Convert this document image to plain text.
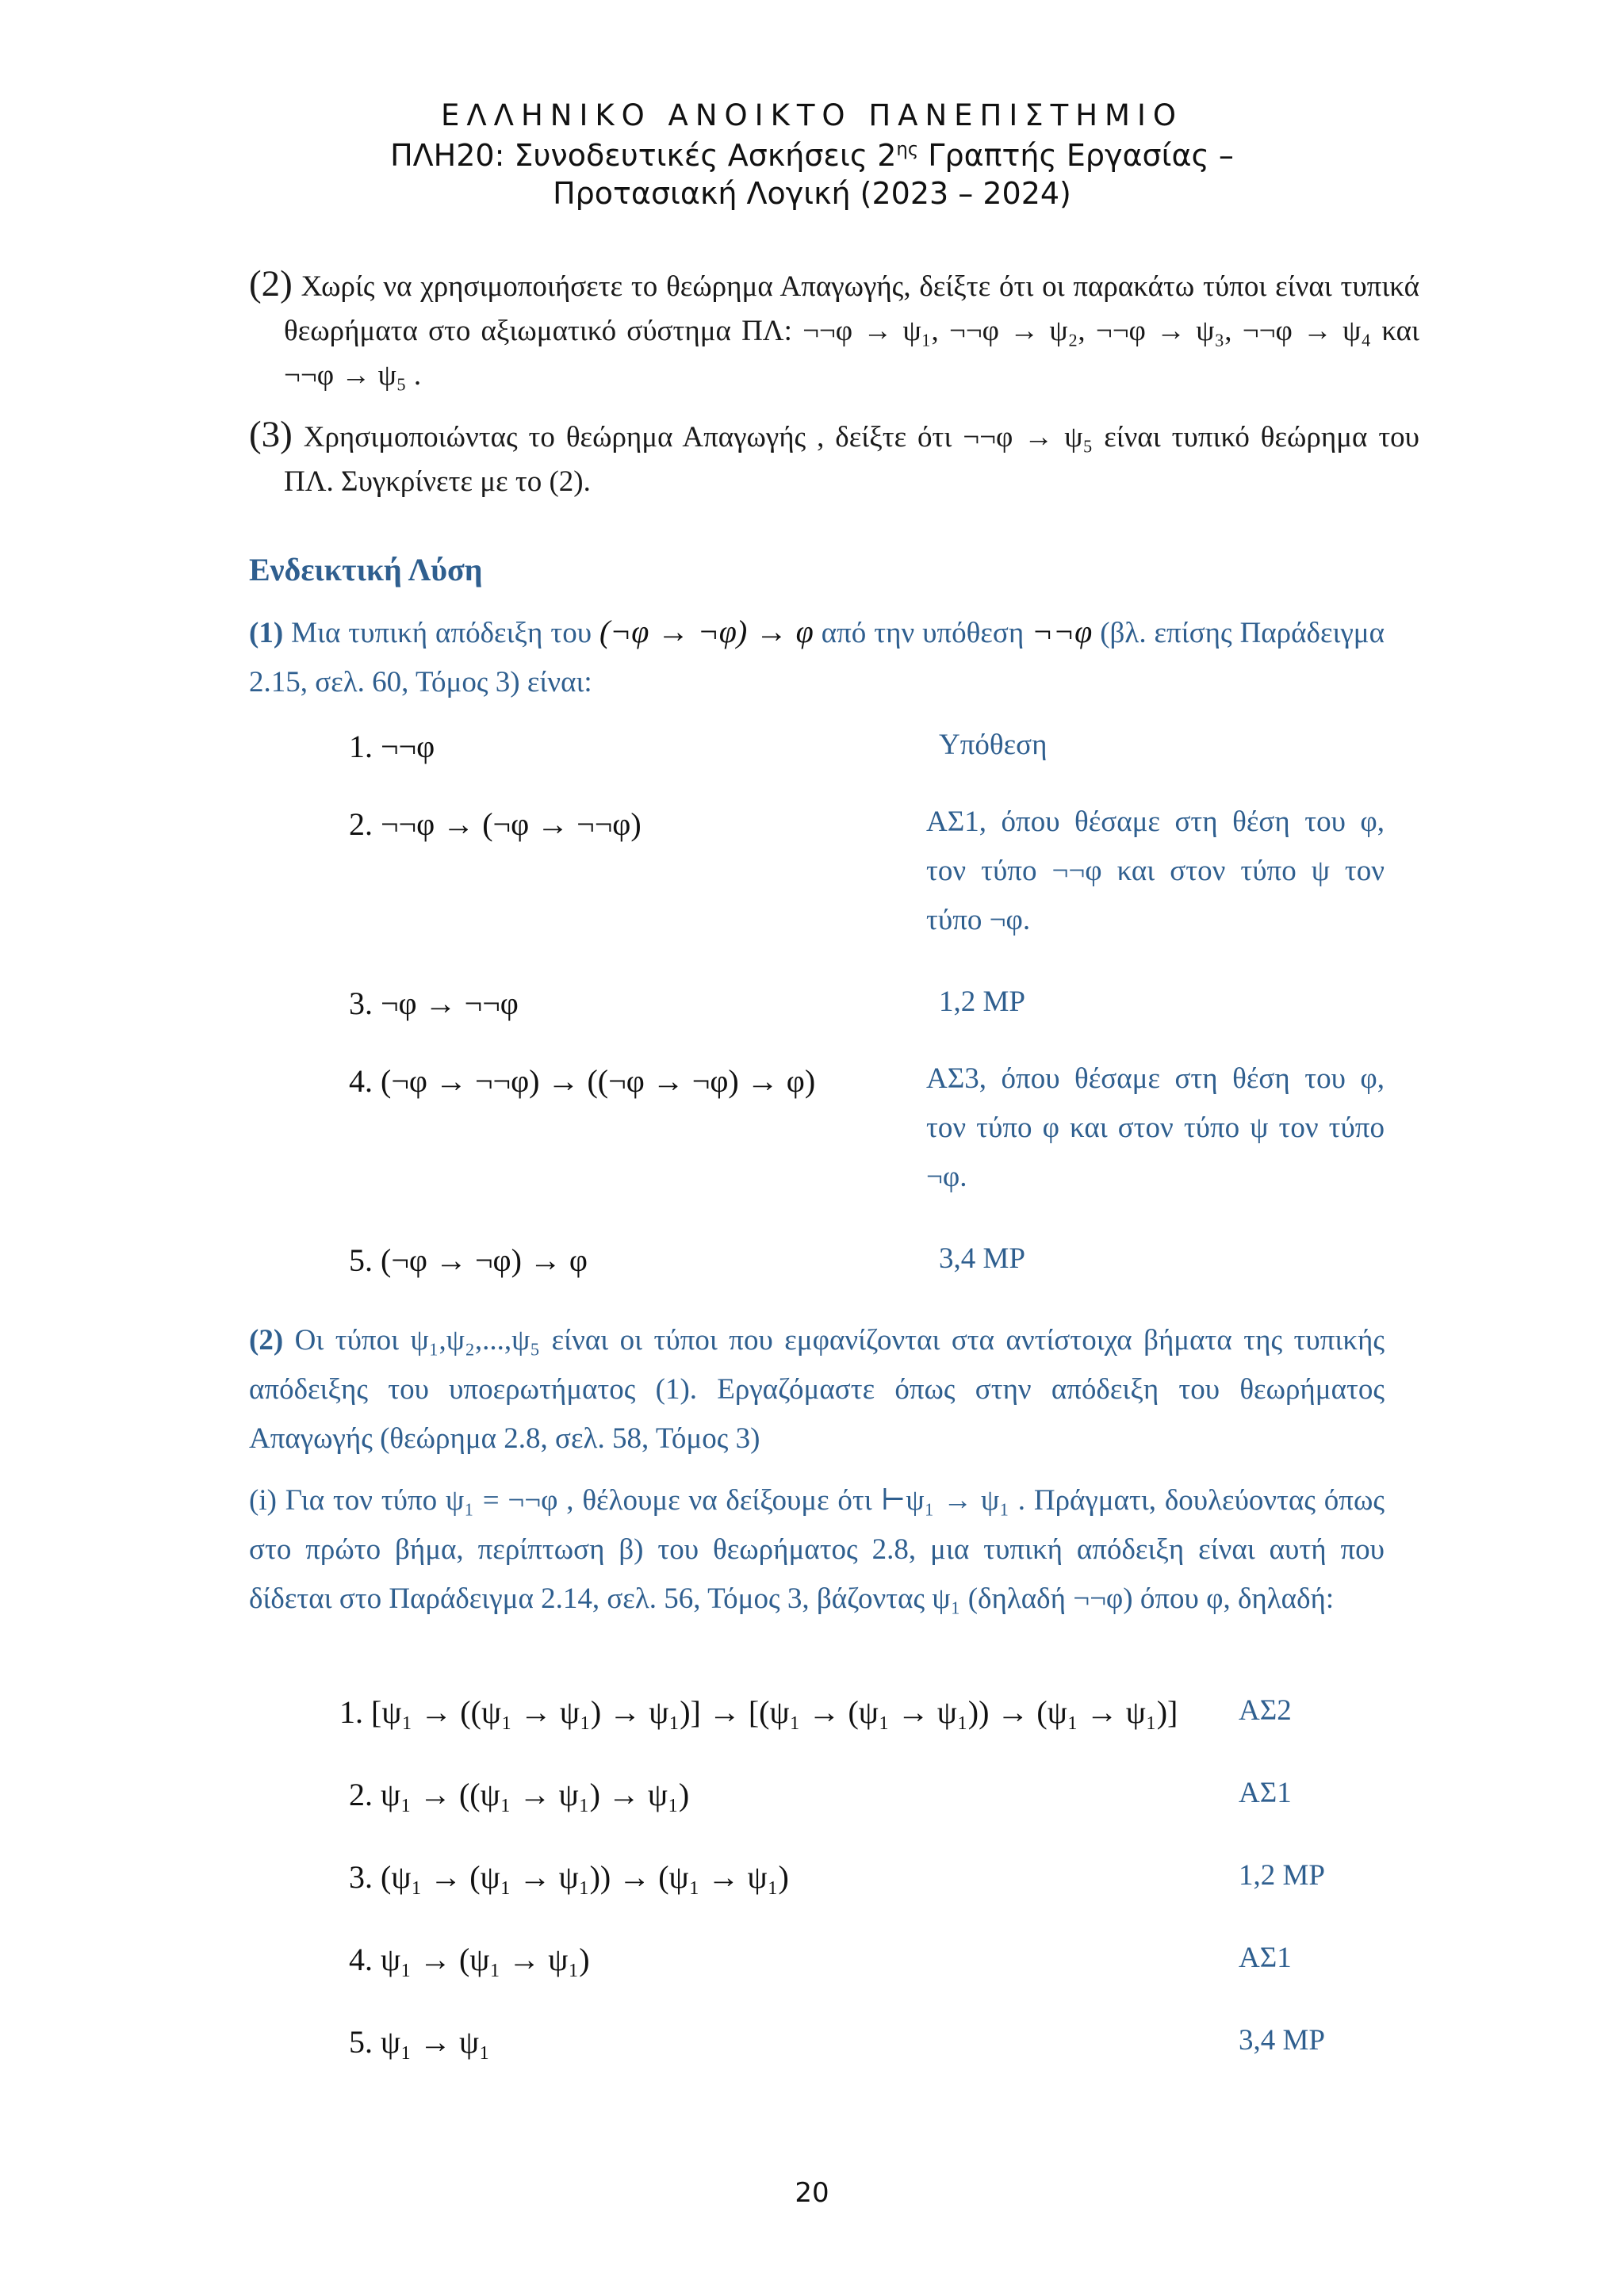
ΕΛΛΗΝΙΚΟ ΑΝΟΙΚΤΟ ΠΑΝΕΠΙΣΤΗΜΙΟ
ΠΛΗ20: Συνοδευτικές Ασκήσεις $2^{\eta\varsigma}$ Γραπτής Εργασίας –
Προτασιακή Λογική (2023 – 2024)
(2) Χωρίς να χρησιμοποιήσετε το θεώρημα Απαγωγής, δείξτε ότι οι παρακάτω τύποι είναι τυπικά θεωρήματα στο αξιωματικό σύστημα ΠΛ: ¬¬φ → ψ₁, ¬¬φ → ψ₂, ¬¬φ → ψ₃, ¬¬φ → ψ₄ και ¬¬φ → ψ₅ .
(3) Χρησιμοποιώντας το θεώρημα Απαγωγής , δείξτε ότι ¬¬φ → ψ₅ είναι τυπικό θεώρημα του ΠΛ. Συγκρίνετε με το (2).
Ενδεικτική Λύση
(1) Μια τυπική απόδειξη του (¬φ → ¬φ) → φ από την υπόθεση ¬¬φ (βλ. επίσης Παράδειγμα 2.15, σελ. 60, Τόμος 3) είναι:
1. ¬¬φ	Υπόθεση
2. ¬¬φ → (¬φ → ¬¬φ)	ΑΣ1, όπου θέσαμε στη θέση του φ, τον τύπο ¬¬φ και στον τύπο ψ τον τύπο ¬φ.
3. ¬φ → ¬¬φ	1,2 MP
4. (¬φ → ¬¬φ) → ((¬φ → ¬φ) → φ)	ΑΣ3, όπου θέσαμε στη θέση του φ, τον τύπο φ και στον τύπο ψ τον τύπο ¬φ.
5. (¬φ → ¬φ) → φ	3,4 MP
(2) Οι τύποι ψ₁,ψ₂,...,ψ₅ είναι οι τύποι που εμφανίζονται στα αντίστοιχα βήματα της τυπικής απόδειξης του υποερωτήματος (1). Εργαζόμαστε όπως στην απόδειξη του θεωρήματος Απαγωγής (θεώρημα 2.8, σελ. 58, Τόμος 3)
(i) Για τον τύπο ψ₁ = ¬¬φ , θέλουμε να δείξουμε ότι ⊢ψ₁ → ψ₁ . Πράγματι, δουλεύοντας όπως στο πρώτο βήμα, περίπτωση β) του θεωρήματος 2.8, μια τυπική απόδειξη είναι αυτή που δίδεται στο Παράδειγμα 2.14, σελ. 56, Τόμος 3, βάζοντας ψ₁ (δηλαδή ¬¬φ) όπου φ, δηλαδή:
1. [ψ₁ → ((ψ₁ → ψ₁) → ψ₁)] → [(ψ₁ → (ψ₁ → ψ₁)) → (ψ₁ → ψ₁)] ΑΣ2
2. ψ₁ → ((ψ₁ → ψ₁) → ψ₁)	ΑΣ1
3. (ψ₁ → (ψ₁ → ψ₁)) → (ψ₁ → ψ₁)	1,2 MP
4. ψ₁ → (ψ₁ → ψ₁)	ΑΣ1
5. ψ₁ → ψ₁	3,4 MP
20
